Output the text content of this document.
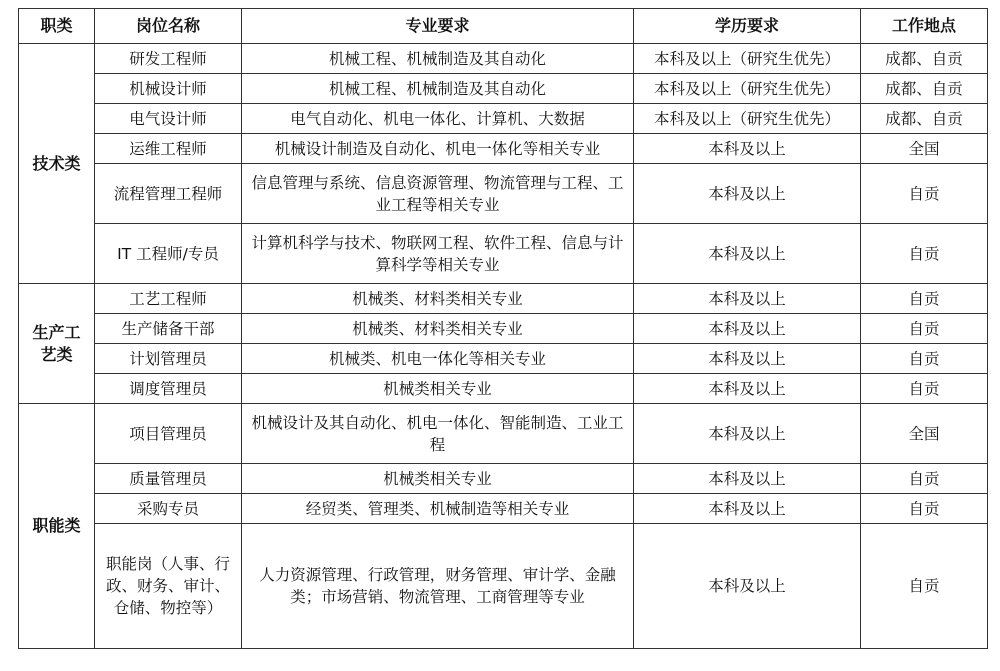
职类	岗位名称	专业要求	学历要求	工作地点
技术类	研发工程师	机械工程、机械制造及其自动化	本科及以上（研究生优先）	成都、自贡
	机械设计师	机械工程、机械制造及其自动化	本科及以上（研究生优先）	成都、自贡
	电气设计师	电气自动化、机电一体化、计算机、大数据	本科及以上（研究生优先）	成都、自贡
	运维工程师	机械设计制造及自动化、机电一体化等相关专业	本科及以上	全国
	流程管理工程师	信息管理与系统、信息资源管理、物流管理与工程、工业工程等相关专业	本科及以上	自贡
	IT 工程师/专员	计算机科学与技术、物联网工程、软件工程、信息与计算科学等相关专业	本科及以上	自贡
生产工艺类	工艺工程师	机械类、材料类相关专业	本科及以上	自贡
	生产储备干部	机械类、材料类相关专业	本科及以上	自贡
	计划管理员	机械类、机电一体化等相关专业	本科及以上	自贡
	调度管理员	机械类相关专业	本科及以上	自贡
职能类	项目管理员	机械设计及其自动化、机电一体化、智能制造、工业工程	本科及以上	全国
	质量管理员	机械类相关专业	本科及以上	自贡
	采购专员	经贸类、管理类、机械制造等相关专业	本科及以上	自贡
	职能岗（人事、行政、财务、审计、仓储、物控等）	人力资源管理、行政管理，财务管理、审计学、金融类；市场营销、物流管理、工商管理等专业	本科及以上	自贡
